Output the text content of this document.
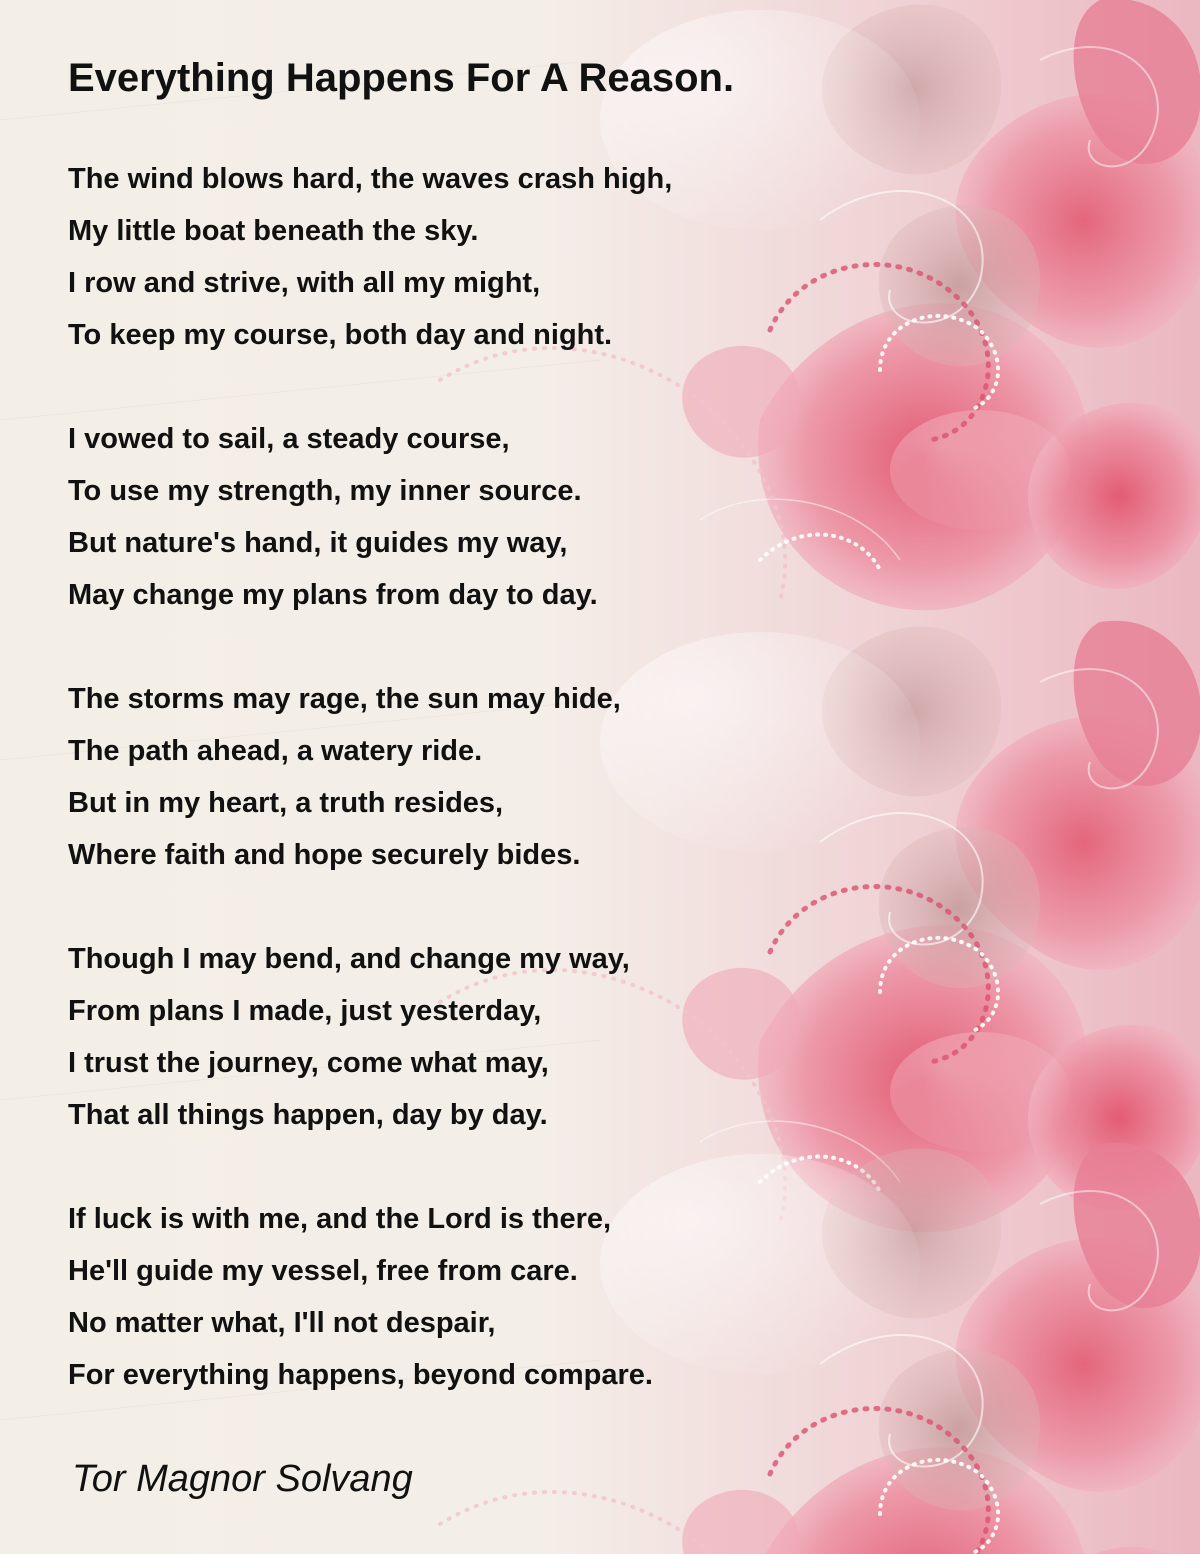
Everything Happens For A Reason.
The wind blows hard, the waves crash high,
My little boat beneath the sky.
I row and strive, with all my might,
To keep my course, both day and night.
I vowed to sail, a steady course,
To use my strength, my inner source.
But nature's hand, it guides my way,
May change my plans from day to day.
The storms may rage, the sun may hide,
The path ahead, a watery ride.
But in my heart, a truth resides,
Where faith and hope securely bides.
Though I may bend, and change my way,
From plans I made, just yesterday,
I trust the journey, come what may,
That all things happen, day by day.
If luck is with me, and the Lord is there,
He'll guide my vessel, free from care.
No matter what, I'll not despair,
For everything happens, beyond compare.

Tor Magnor Solvang
